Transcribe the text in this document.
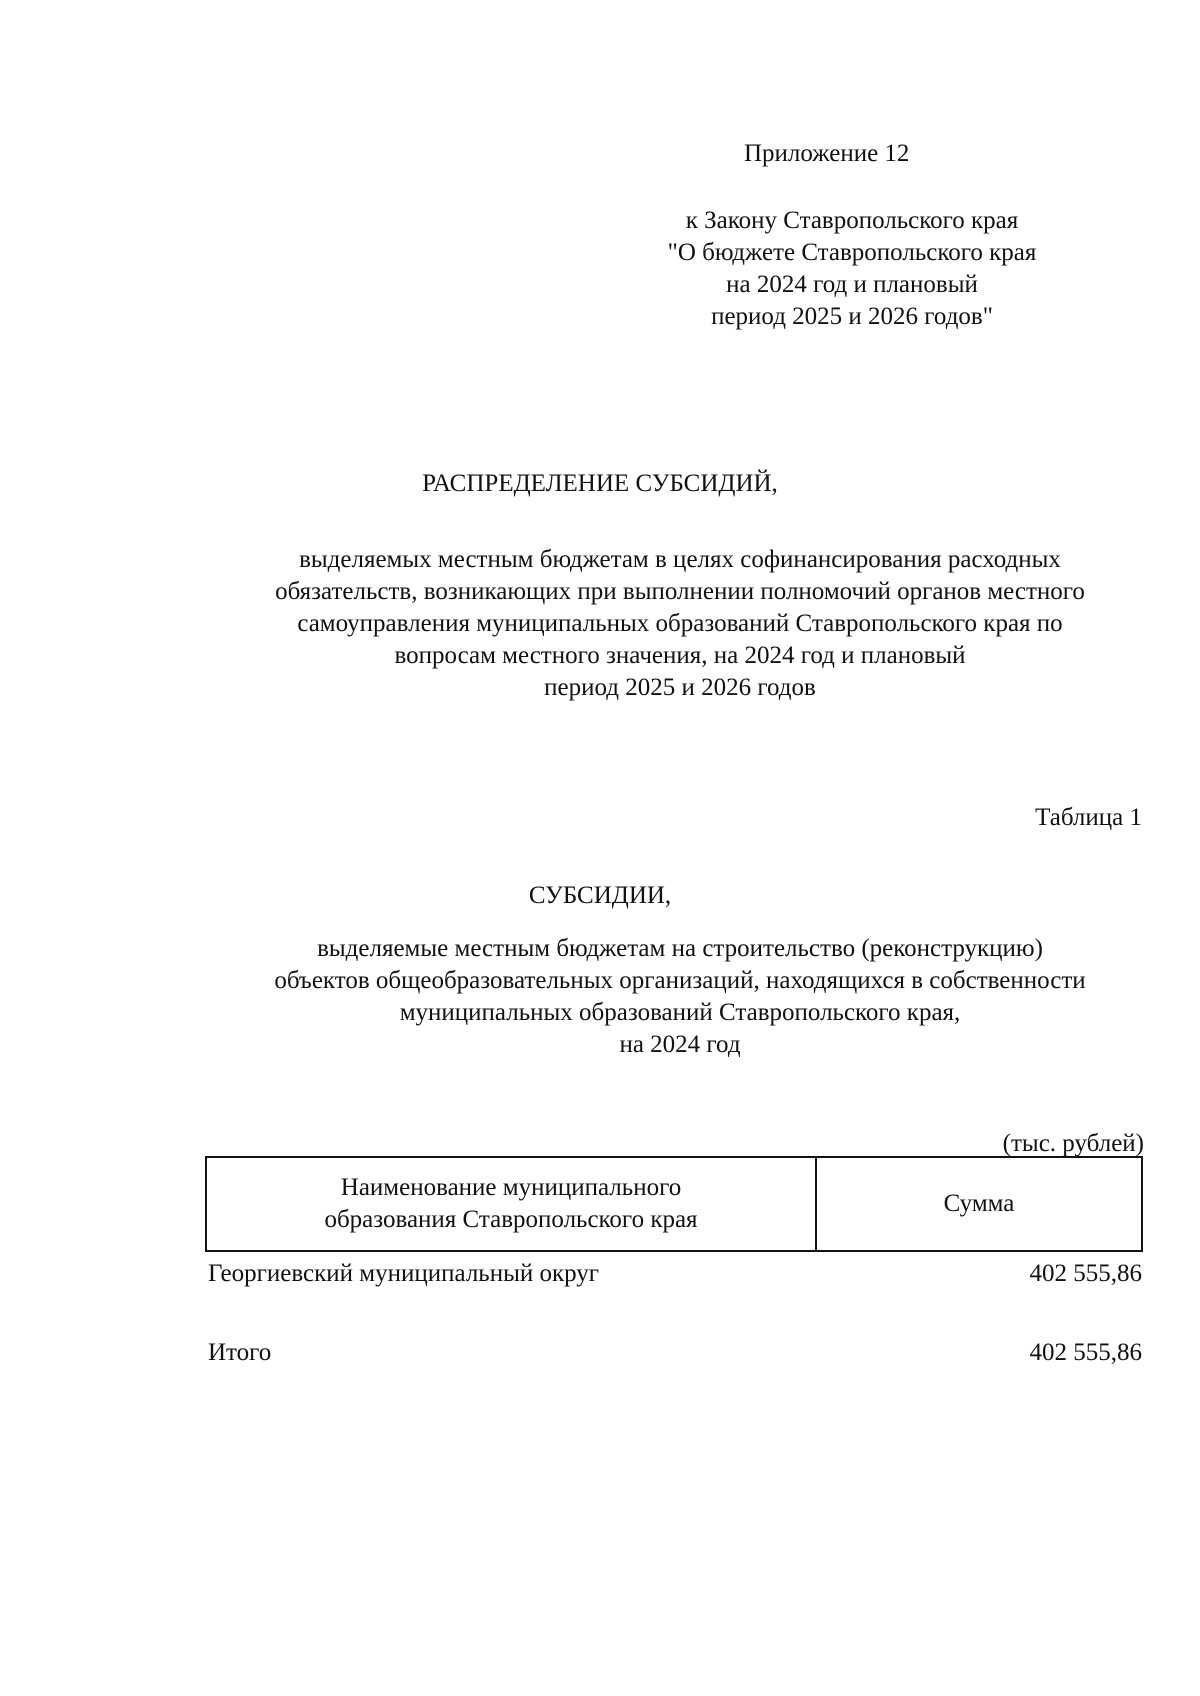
Приложение 12
к Закону Ставропольского края
"О бюджете Ставропольского края
на 2024 год и плановый
период 2025 и 2026 годов"
РАСПРЕДЕЛЕНИЕ СУБСИДИЙ,
выделяемых местным бюджетам в целях софинансирования расходных
обязательств, возникающих при выполнении полномочий органов местного
самоуправления муниципальных образований Ставропольского края по
вопросам местного значения, на 2024 год и плановый
период 2025 и 2026 годов
Таблица 1
СУБСИДИИ,
выделяемые местным бюджетам на строительство (реконструкцию)
объектов общеобразовательных организаций, находящихся в собственности
муниципальных образований Ставропольского края,
на 2024 год
(тыс. рублей)
Наименование муниципального
образования Ставропольского края
Сумма
Георгиевский муниципальный округ	402 555,86
Итого	402 555,86
